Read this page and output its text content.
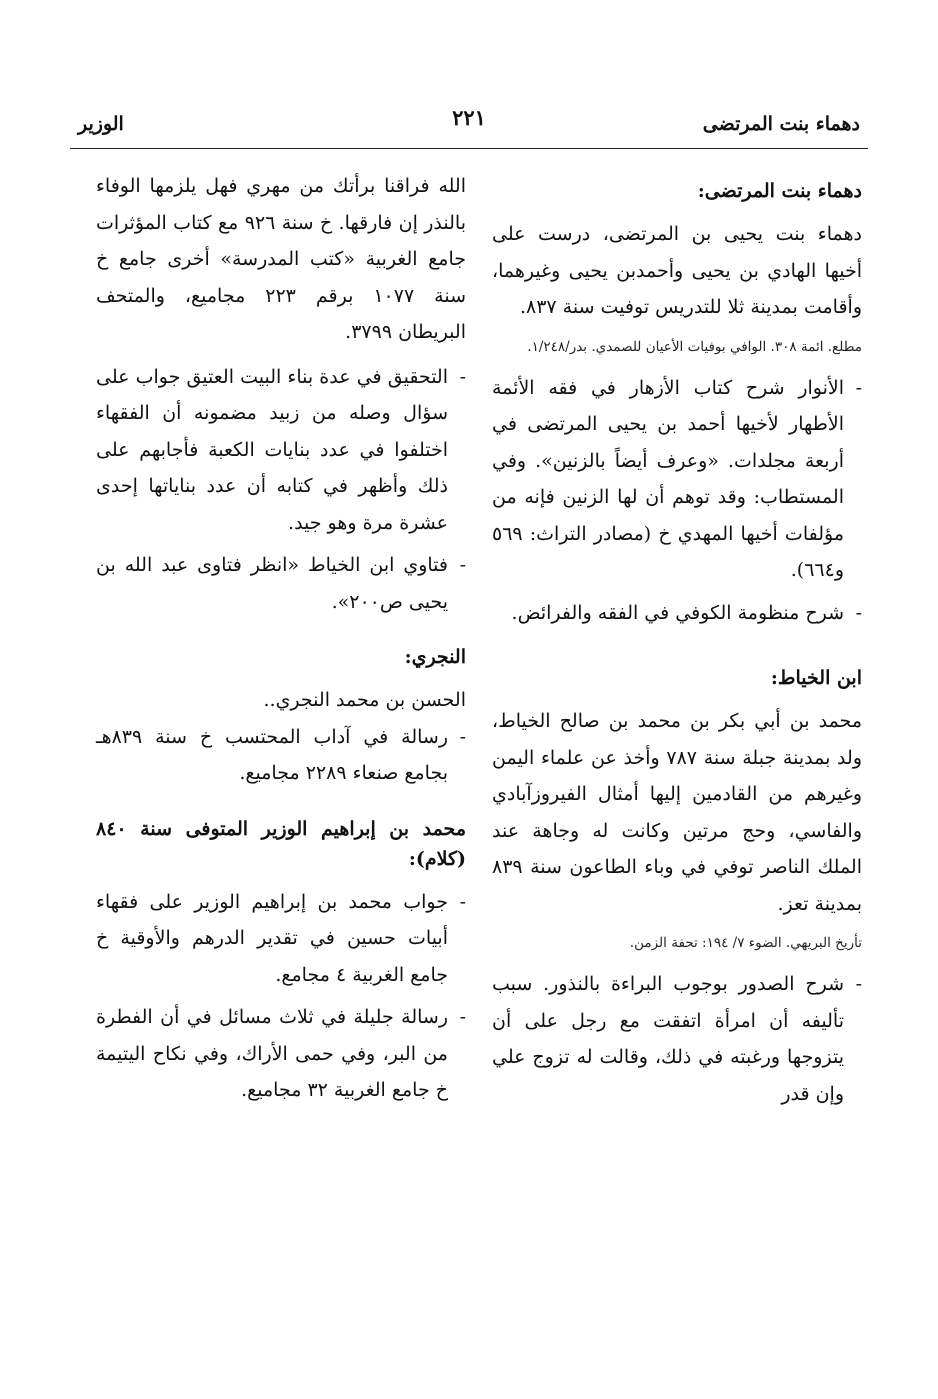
دهماء بنت المرتضى
٢٢١
الوزير
دهماء بنت المرتضى:

دهماء بنت يحيى بن المرتضى، درست على أخيها الهادي بن يحيى وأحمدبن يحيى وغيرهما، وأقامت بمدينة ثلا للتدريس توفيت سنة ٨٣٧.

مطلع. ائمة ٣٠٨. الوافي بوفيات الأعيان للصمدي. بدر/١/٢٤٨.
-
الأنوار شرح كتاب الأزهار في فقه الأئمة الأطهار لأخيها أحمد بن يحيى المرتضى في أربعة مجلدات. «وعرف أيضاً بالزنين». وفي المستطاب: وقد توهم أن لها الزنين فإنه من مؤلفات أخيها المهدي خ (مصادر التراث: ٥٦٩ و٦٦٤).
-
شرح منظومة الكوفي في الفقه والفرائض.
ابن الخياط:

محمد بن أبي بكر بن محمد بن صالح الخياط، ولد بمدينة جبلة سنة ٧٨٧ وأخذ عن علماء اليمن وغيرهم من القادمين إليها أمثال الفيروزآبادي والفاسي، وحج مرتين وكانت له وجاهة عند الملك الناصر توفي في وباء الطاعون سنة ٨٣٩ بمدينة تعز.

تأريخ البريهي. الضوء ٧/ ١٩٤: تحفة الزمن.
-
شرح الصدور بوجوب البراءة بالنذور. سبب تأليفه أن امرأة اتفقت مع رجل على أن يتزوجها ورغبته في ذلك، وقالت له تزوج علي وإن قدر

الله فراقنا برأتك من مهري فهل يلزمها الوفاء بالنذر إن فارقها. خ سنة ٩٢٦ مع كتاب المؤثرات جامع الغربية «كتب المدرسة» أخرى جامع خ سنة ١٠٧٧ برقم ٢٢٣ مجاميع، والمتحف البريطان ٣٧٩٩.

-
التحقيق في عدة بناء البيت العتيق جواب على سؤال وصله من زبيد مضمونه أن الفقهاء اختلفوا في عدد بنايات الكعبة فأجابهم على ذلك وأظهر في كتابه أن عدد بناياتها إحدى عشرة مرة وهو جيد.
-
فتاوي ابن الخياط «انظر فتاوى عبد الله بن يحيى ص٢٠٠».
النجري:

الحسن بن محمد النجري..

-
رسالة في آداب المحتسب خ سنة ٨٣٩هـ بجامع صنعاء ٢٢٨٩ مجاميع.
محمد بن إبراهيم الوزير المتوفى سنة ٨٤٠ (كلام):
-
جواب محمد بن إبراهيم الوزير على فقهاء أبيات حسين في تقدير الدرهم والأوقية خ جامع الغربية ٤ مجامع.
-
رسالة جليلة في ثلاث مسائل في أن الفطرة من البر، وفي حمى الأراك، وفي نكاح اليتيمة خ جامع الغربية ٣٢ مجاميع.
